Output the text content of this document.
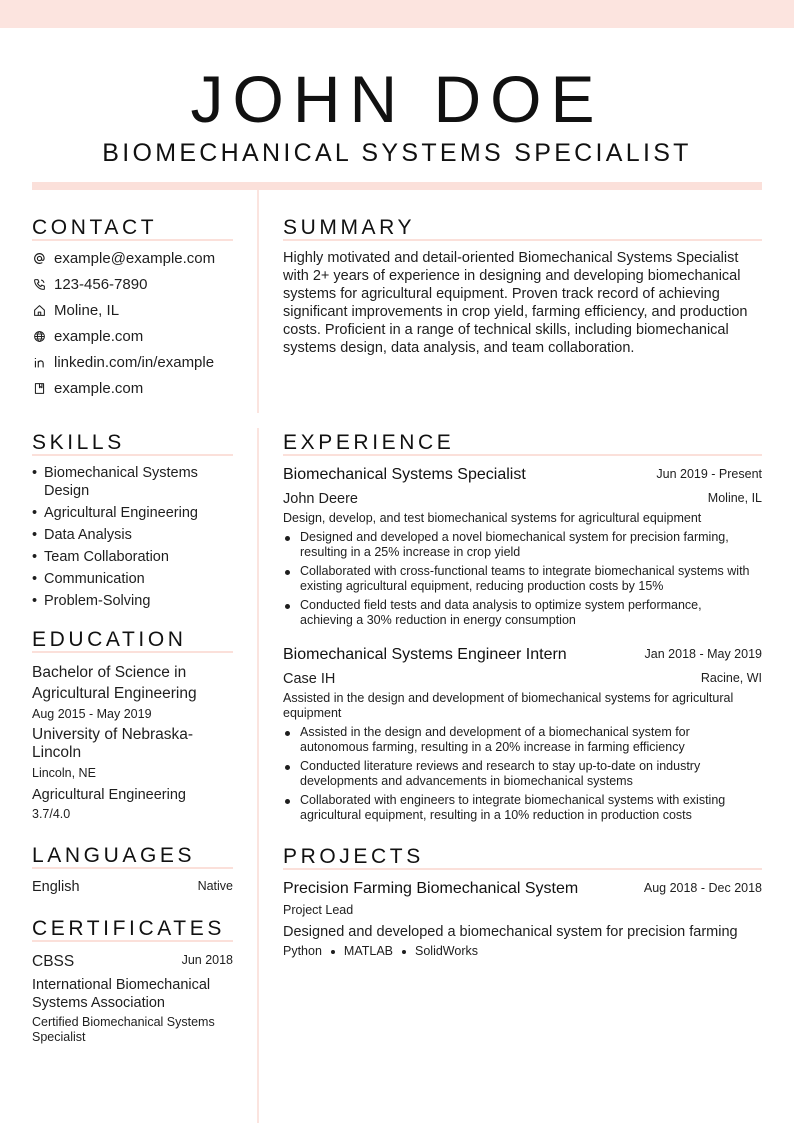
JOHN DOE
BIOMECHANICAL SYSTEMS SPECIALIST
CONTACT
example@example.com
123-456-7890
Moline, IL
example.com
linkedin.com/in/example
example.com
SUMMARY
Highly motivated and detail-oriented Biomechanical Systems Specialist with 2+ years of experience in designing and developing biomechanical systems for agricultural equipment. Proven track record of achieving significant improvements in crop yield, farming efficiency, and production costs. Proficient in a range of technical skills, including biomechanical systems design, data analysis, and team collaboration.
SKILLS
• Biomechanical Systems Design
• Agricultural Engineering
• Data Analysis
• Team Collaboration
• Communication
• Problem-Solving
EDUCATION
Bachelor of Science in Agricultural Engineering
Aug 2015 - May 2019
University of Nebraska-Lincoln
Lincoln, NE
Agricultural Engineering
3.7/4.0
LANGUAGES
English	Native
CERTIFICATES
CBSS	Jun 2018
International Biomechanical Systems Association
Certified Biomechanical Systems Specialist
EXPERIENCE
Biomechanical Systems Specialist	Jun 2019 - Present
John Deere	Moline, IL
Design, develop, and test biomechanical systems for agricultural equipment
Designed and developed a novel biomechanical system for precision farming, resulting in a 25% increase in crop yield
Collaborated with cross-functional teams to integrate biomechanical systems with existing agricultural equipment, reducing production costs by 15%
Conducted field tests and data analysis to optimize system performance, achieving a 30% reduction in energy consumption
Biomechanical Systems Engineer Intern	Jan 2018 - May 2019
Case IH	Racine, WI
Assisted in the design and development of biomechanical systems for agricultural equipment
Assisted in the design and development of a biomechanical system for autonomous farming, resulting in a 20% increase in farming efficiency
Conducted literature reviews and research to stay up-to-date on industry developments and advancements in biomechanical systems
Collaborated with engineers to integrate biomechanical systems with existing agricultural equipment, resulting in a 10% reduction in production costs
PROJECTS
Precision Farming Biomechanical System	Aug 2018 - Dec 2018
Project Lead
Designed and developed a biomechanical system for precision farming
Python MATLAB SolidWorks
